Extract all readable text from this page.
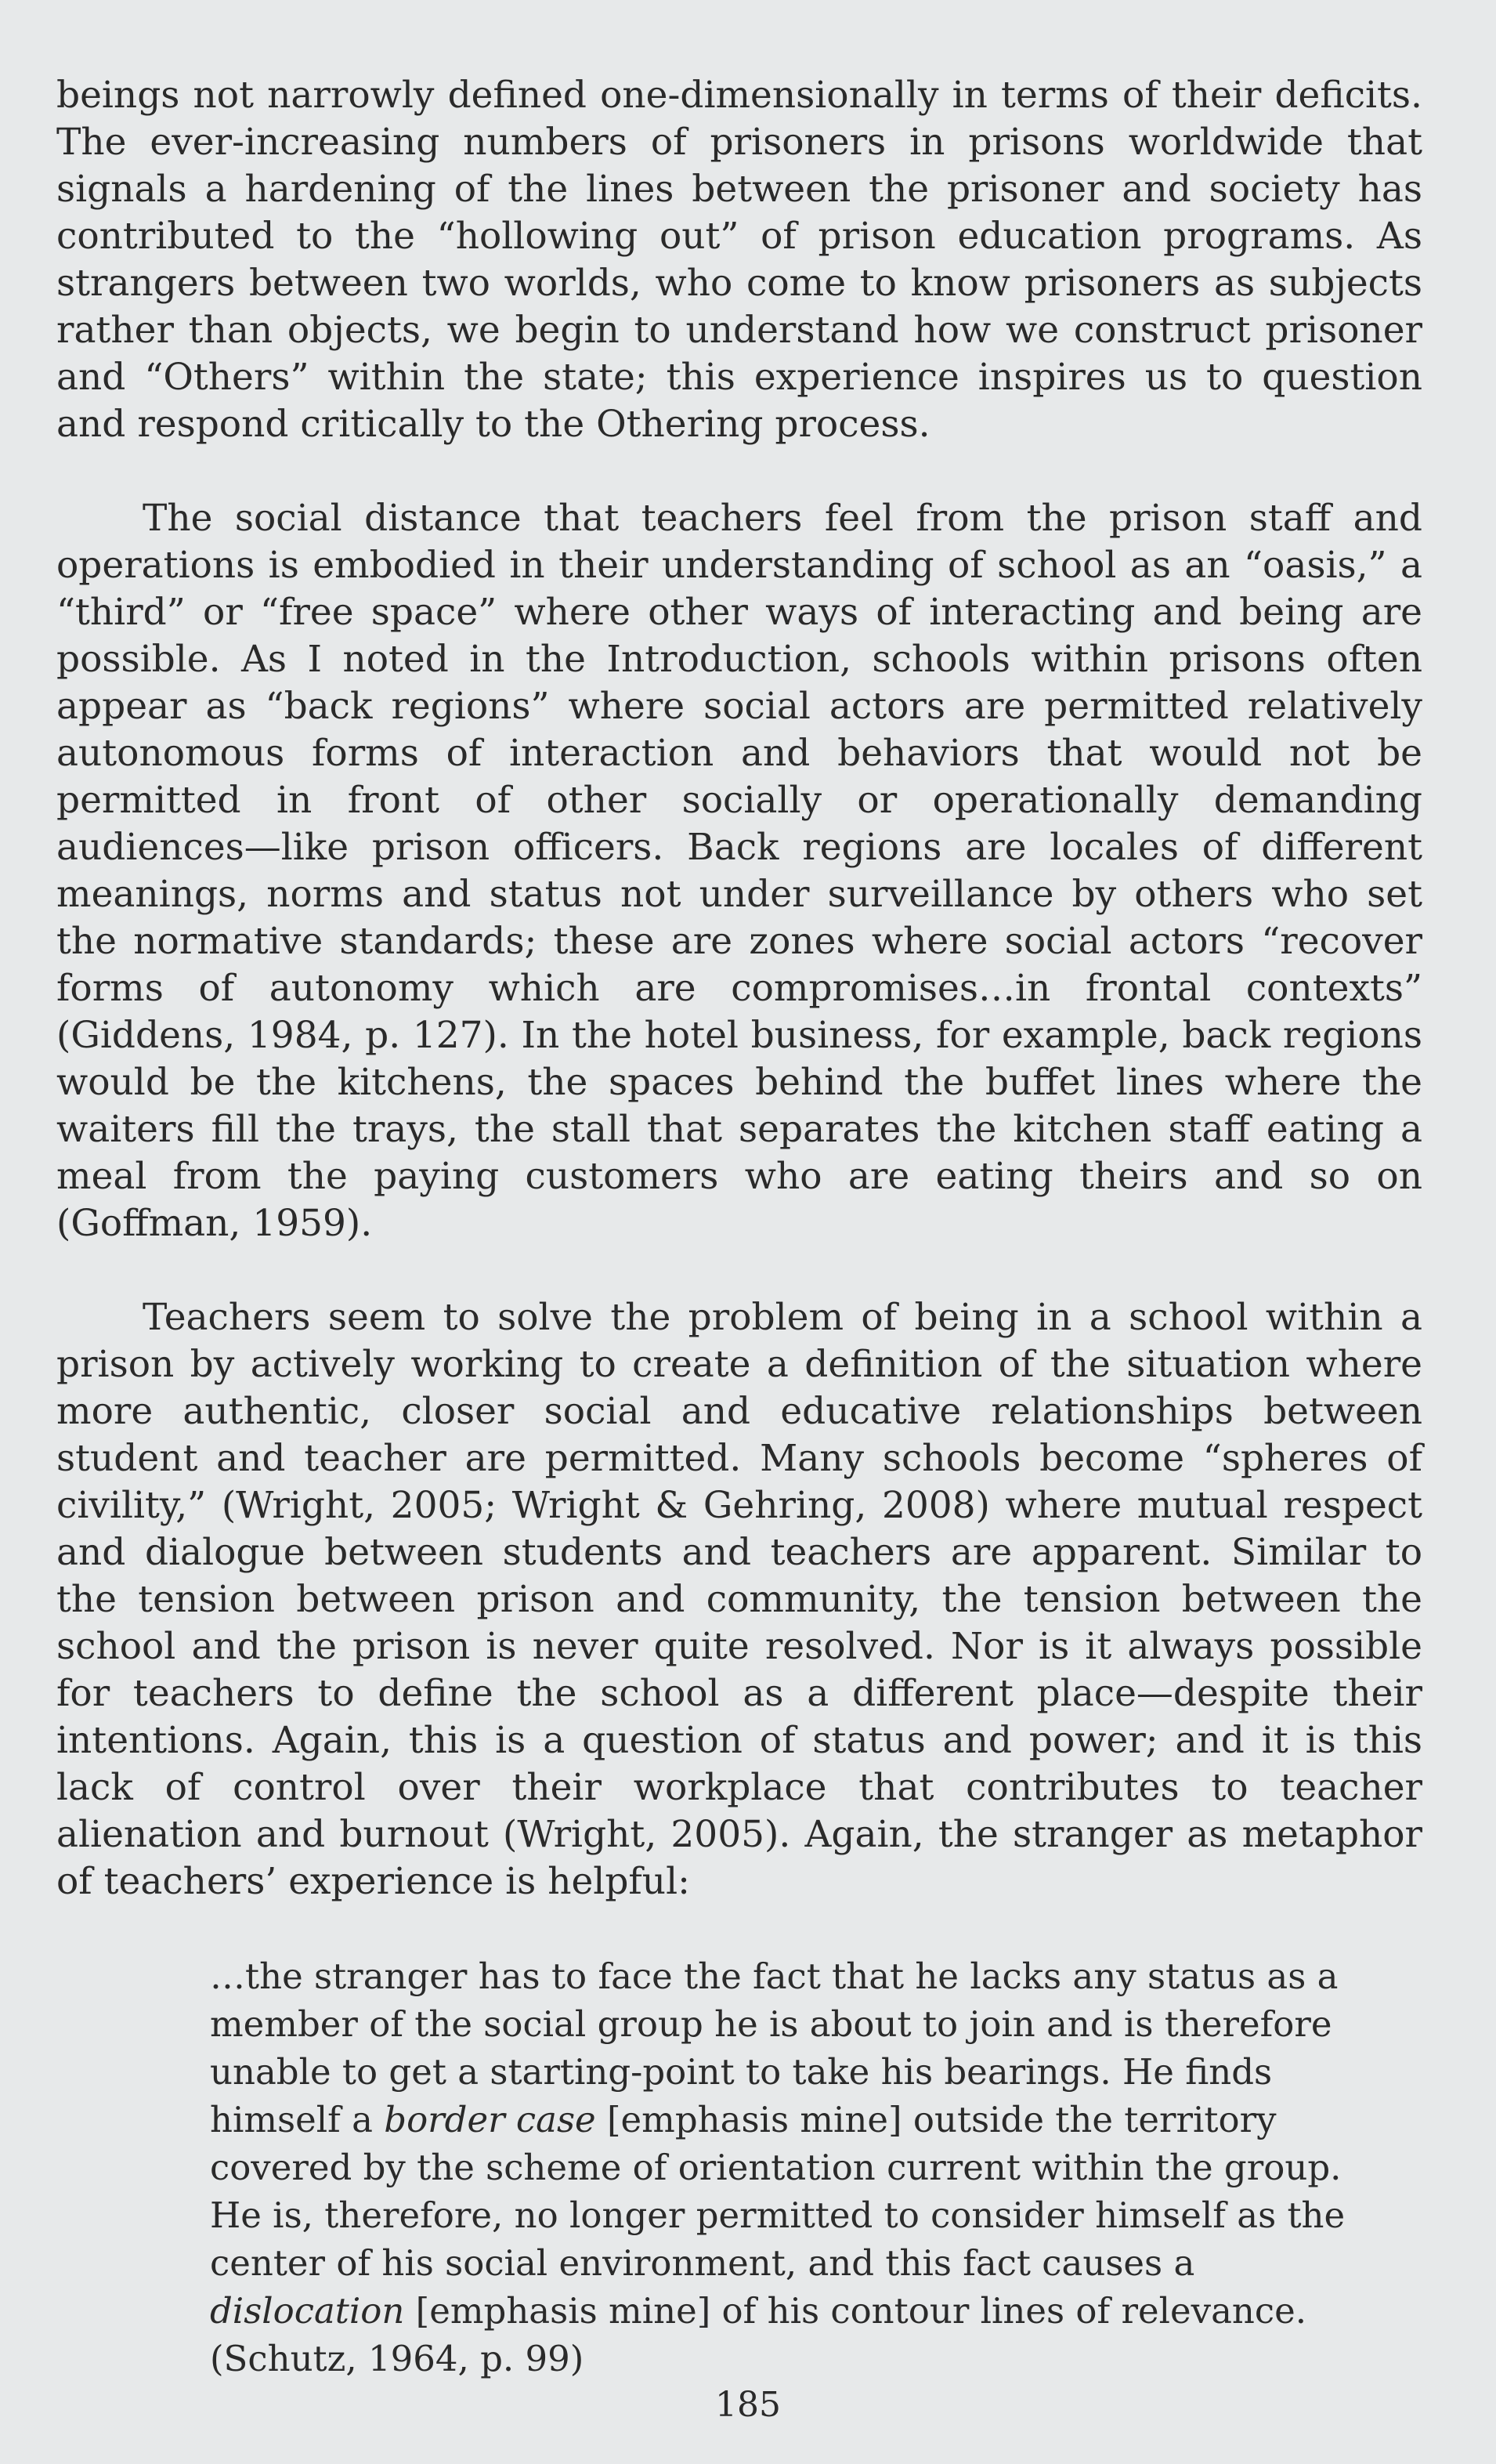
beings not narrowly defined one-dimensionally in terms of their deficits. The ever-increasing numbers of prisoners in prisons worldwide that signals a hardening of the lines between the prisoner and society has contributed to the “hollowing out” of prison education programs. As strangers between two worlds, who come to know prisoners as subjects rather than objects, we begin to understand how we construct prisoner and “Others” within the state; this experience inspires us to question and respond critically to the Othering process.

The social distance that teachers feel from the prison staff and operations is embodied in their understanding of school as an “oasis,” a “third” or “free space” where other ways of interacting and being are possible. As I noted in the Introduction, schools within prisons often appear as “back regions” where social actors are permitted relatively autonomous forms of interaction and behaviors that would not be permitted in front of other socially or operationally demanding audiences—like prison officers. Back regions are locales of different meanings, norms and status not under surveillance by others who set the normative standards; these are zones where social actors “recover forms of autonomy which are compromises…in frontal contexts” (Giddens, 1984, p. 127). In the hotel business, for example, back regions would be the kitchens, the spaces behind the buffet lines where the waiters fill the trays, the stall that separates the kitchen staff eating a meal from the paying customers who are eating theirs and so on (Goffman, 1959).

Teachers seem to solve the problem of being in a school within a prison by actively working to create a definition of the situation where more authentic, closer social and educative relationships between student and teacher are permitted. Many schools become “spheres of civility,” (Wright, 2005; Wright & Gehring, 2008) where mutual respect and dialogue between students and teachers are apparent. Similar to the tension between prison and community, the tension between the school and the prison is never quite resolved. Nor is it always possible for teachers to define the school as a different place—despite their intentions. Again, this is a question of status and power; and it is this lack of control over their workplace that contributes to teacher alienation and burnout (Wright, 2005). Again, the stranger as metaphor of teachers’ experience is helpful:

…the stranger has to face the fact that he lacks any status as a member of the social group he is about to join and is therefore unable to get a starting-point to take his bearings. He finds himself a border case [emphasis mine] outside the territory covered by the scheme of orientation current within the group. He is, therefore, no longer permitted to consider himself as the center of his social environment, and this fact causes a dislocation [emphasis mine] of his contour lines of relevance. (Schutz, 1964, p. 99)
185
